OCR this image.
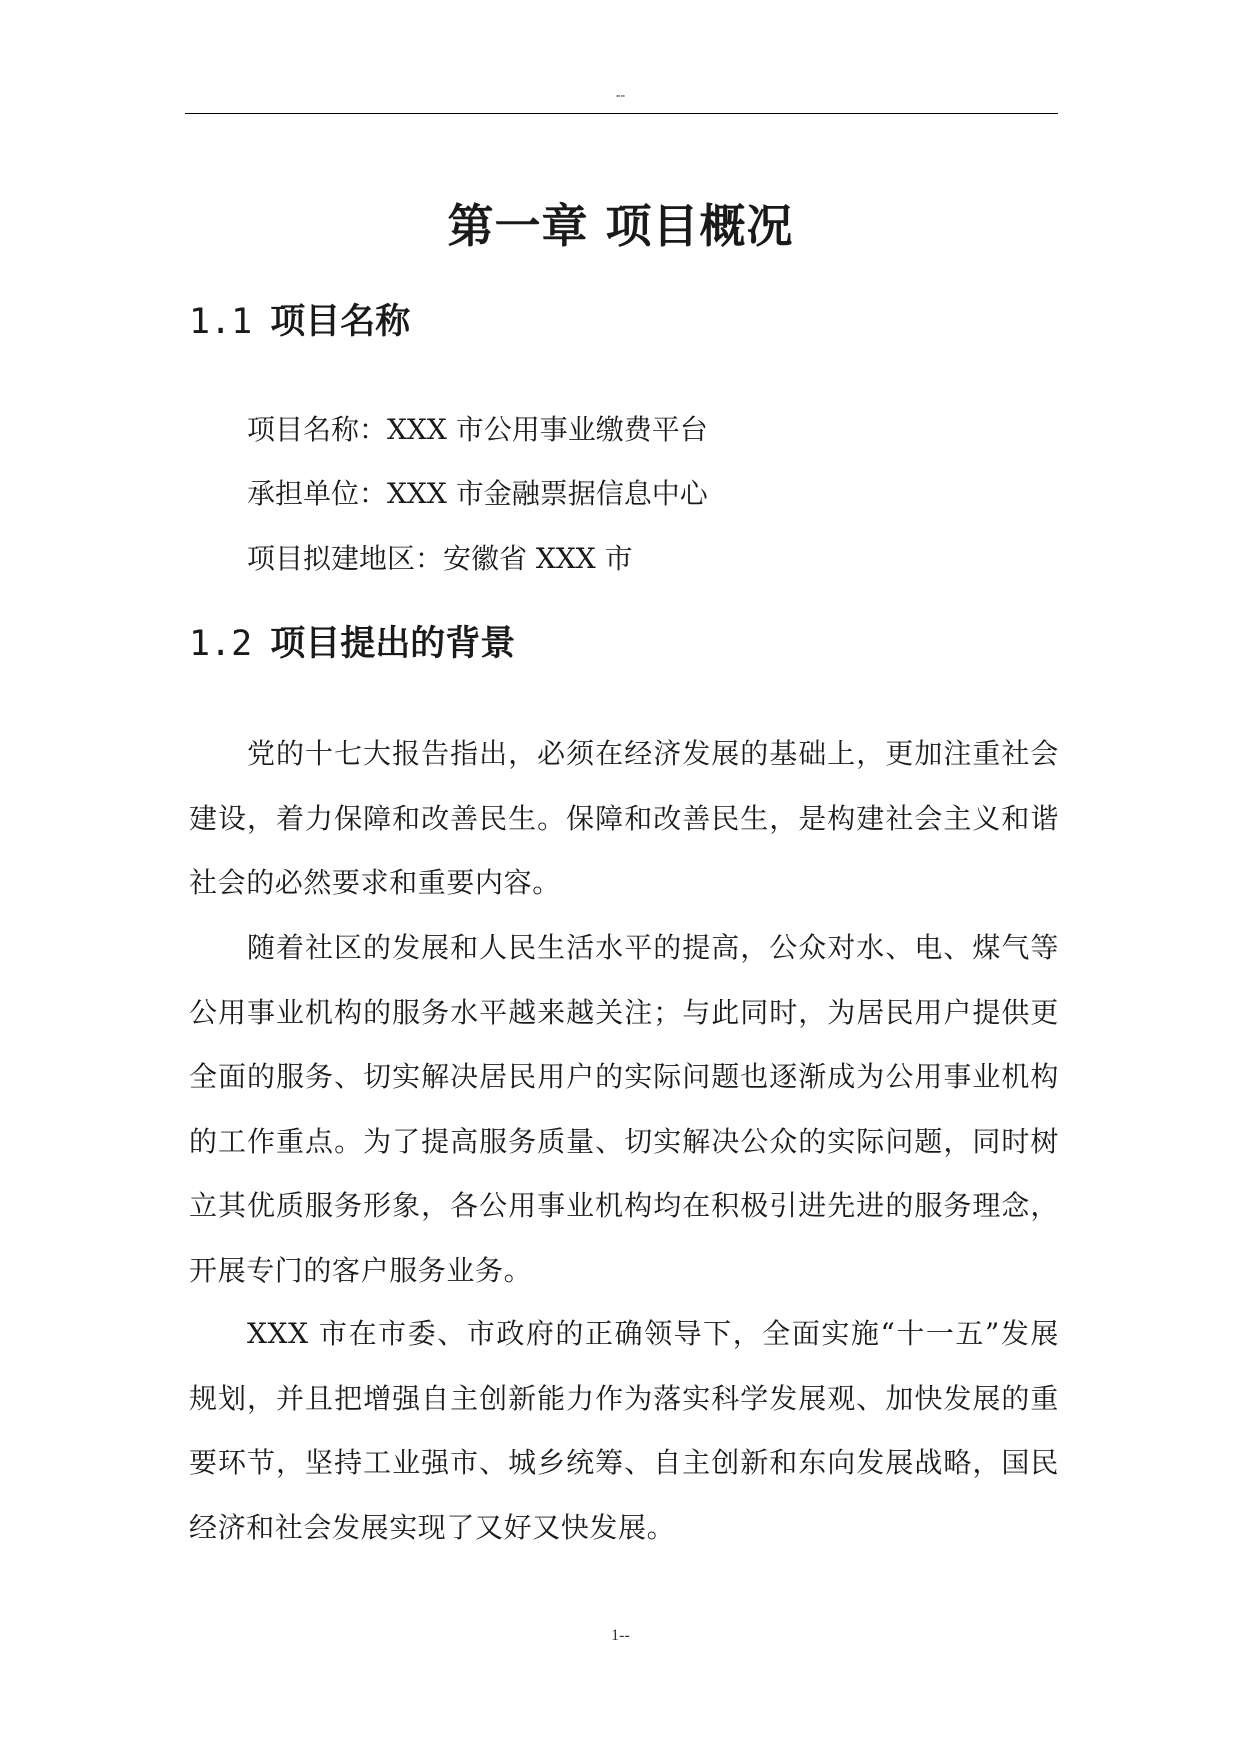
--
第一章 项目概况
1.1 项目名称

项目名称：XXX 市公用事业缴费平台

承担单位：XXX 市金融票据信息中心

项目拟建地区：安徽省 XXX 市

1.2 项目提出的背景

党的十七大报告指出，必须在经济发展的基础上，更加注重社会建设，着力保障和改善民生。保障和改善民生，是构建社会主义和谐社会的必然要求和重要内容。

随着社区的发展和人民生活水平的提高，公众对水、电、煤气等公用事业机构的服务水平越来越关注；与此同时，为居民用户提供更全面的服务、切实解决居民用户的实际问题也逐渐成为公用事业机构的工作重点。为了提高服务质量、切实解决公众的实际问题，同时树立其优质服务形象，各公用事业机构均在积极引进先进的服务理念，开展专门的客户服务业务。

XXX 市在市委、市政府的正确领导下，全面实施“十一五”发展规划，并且把增强自主创新能力作为落实科学发展观、加快发展的重要环节，坚持工业强市、城乡统筹、自主创新和东向发展战略，国民经济和社会发展实现了又好又快发展。

1--
